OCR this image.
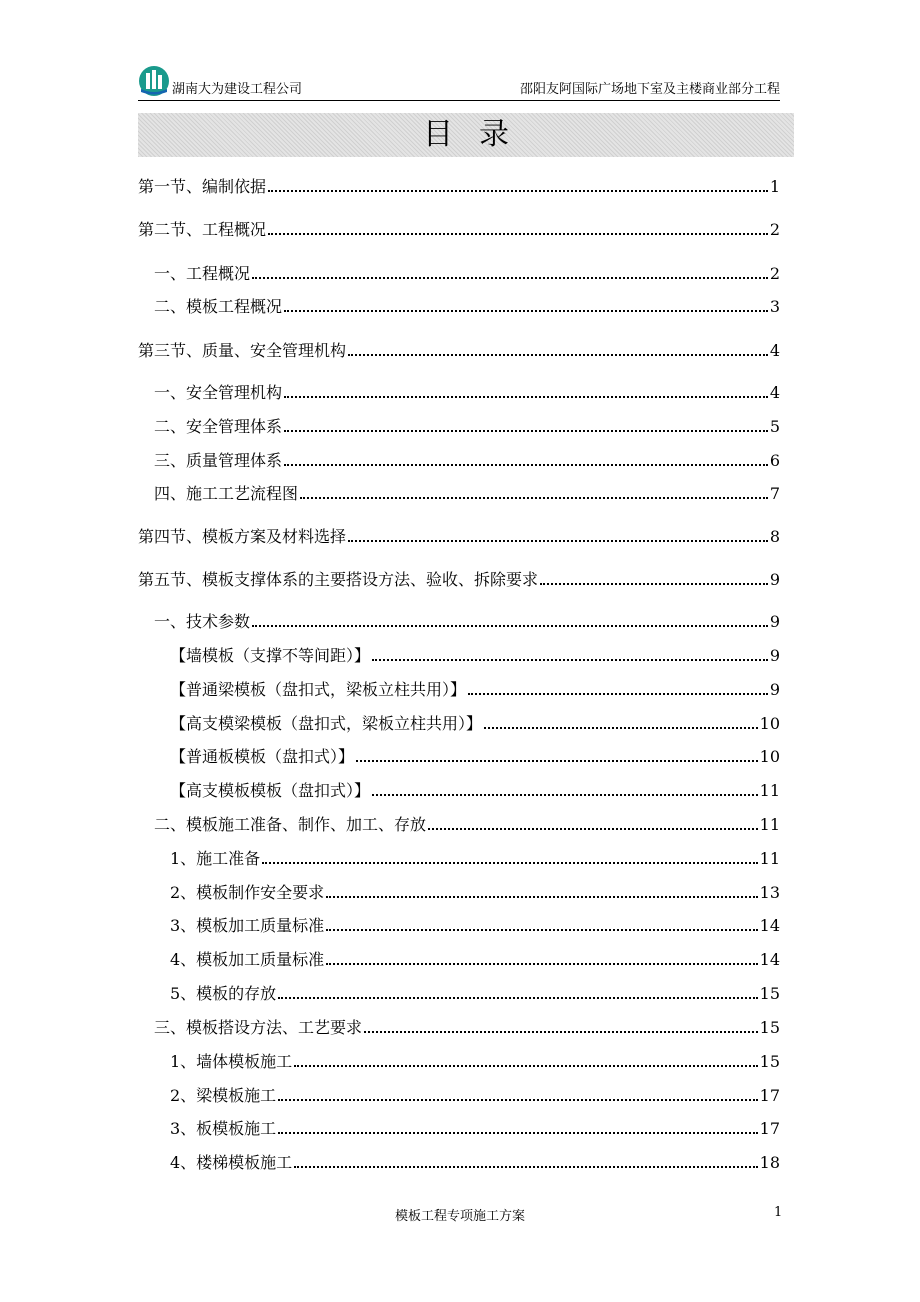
湖南大为建设工程公司	邵阳友阿国际广场地下室及主楼商业部分工程
目录
第一节、编制依据	1
第二节、工程概况	2
一、工程概况	2
二、模板工程概况	3
第三节、质量、安全管理机构	4
一、安全管理机构	4
二、安全管理体系	5
三、质量管理体系	6
四、施工工艺流程图	7
第四节、模板方案及材料选择	8
第五节、模板支撑体系的主要搭设方法、验收、拆除要求	9
一、技术参数	9
【墙模板（支撑不等间距）】	9
【普通梁模板（盘扣式，梁板立柱共用）】	9
【高支模梁模板（盘扣式，梁板立柱共用）】	10
【普通板模板（盘扣式）】	10
【高支模板模板（盘扣式）】	11
二、模板施工准备、制作、加工、存放	11
1、施工准备	11
2、模板制作安全要求	13
3、模板加工质量标准	14
4、模板加工质量标准	14
5、模板的存放	15
三、模板搭设方法、工艺要求	15
1、墙体模板施工	15
2、梁模板施工	17
3、板模板施工	17
4、楼梯模板施工	18
模板工程专项施工方案	1
